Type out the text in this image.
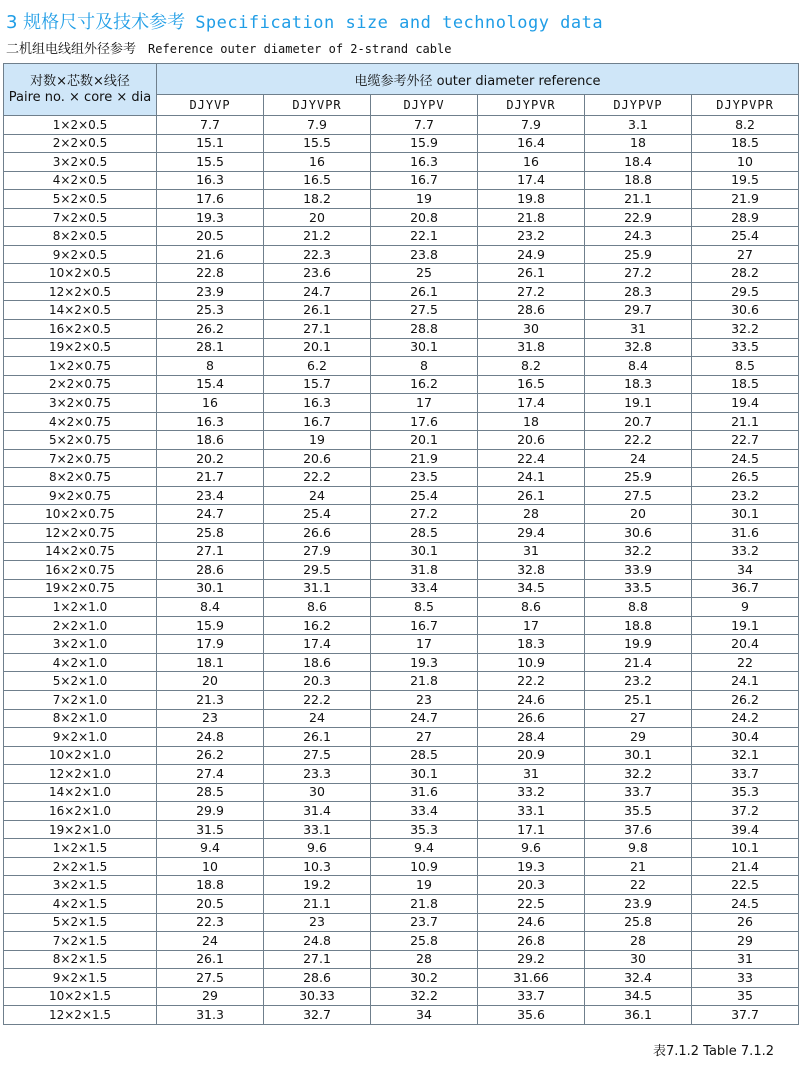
3 规格尺寸及技术参考 Specification size and technology data
二机组电线组外径参考 Reference outer diameter of 2-strand cable
对数×芯数×线径
Paire no. × core × dia	电缆参考外径 outer diameter reference					
	DJYVP	DJYVPR	DJYPV	DJYPVR	DJYPVP	DJYPVPR
1×2×0.5	7.7	7.9	7.7	7.9	3.1	8.2
2×2×0.5	15.1	15.5	15.9	16.4	18	18.5
3×2×0.5	15.5	16	16.3	16	18.4	10
4×2×0.5	16.3	16.5	16.7	17.4	18.8	19.5
5×2×0.5	17.6	18.2	19	19.8	21.1	21.9
7×2×0.5	19.3	20	20.8	21.8	22.9	28.9
8×2×0.5	20.5	21.2	22.1	23.2	24.3	25.4
9×2×0.5	21.6	22.3	23.8	24.9	25.9	27
10×2×0.5	22.8	23.6	25	26.1	27.2	28.2
12×2×0.5	23.9	24.7	26.1	27.2	28.3	29.5
14×2×0.5	25.3	26.1	27.5	28.6	29.7	30.6
16×2×0.5	26.2	27.1	28.8	30	31	32.2
19×2×0.5	28.1	20.1	30.1	31.8	32.8	33.5
1×2×0.75	8	6.2	8	8.2	8.4	8.5
2×2×0.75	15.4	15.7	16.2	16.5	18.3	18.5
3×2×0.75	16	16.3	17	17.4	19.1	19.4
4×2×0.75	16.3	16.7	17.6	18	20.7	21.1
5×2×0.75	18.6	19	20.1	20.6	22.2	22.7
7×2×0.75	20.2	20.6	21.9	22.4	24	24.5
8×2×0.75	21.7	22.2	23.5	24.1	25.9	26.5
9×2×0.75	23.4	24	25.4	26.1	27.5	23.2
10×2×0.75	24.7	25.4	27.2	28	20	30.1
12×2×0.75	25.8	26.6	28.5	29.4	30.6	31.6
14×2×0.75	27.1	27.9	30.1	31	32.2	33.2
16×2×0.75	28.6	29.5	31.8	32.8	33.9	34
19×2×0.75	30.1	31.1	33.4	34.5	33.5	36.7
1×2×1.0	8.4	8.6	8.5	8.6	8.8	9
2×2×1.0	15.9	16.2	16.7	17	18.8	19.1
3×2×1.0	17.9	17.4	17	18.3	19.9	20.4
4×2×1.0	18.1	18.6	19.3	10.9	21.4	22
5×2×1.0	20	20.3	21.8	22.2	23.2	24.1
7×2×1.0	21.3	22.2	23	24.6	25.1	26.2
8×2×1.0	23	24	24.7	26.6	27	24.2
9×2×1.0	24.8	26.1	27	28.4	29	30.4
10×2×1.0	26.2	27.5	28.5	20.9	30.1	32.1
12×2×1.0	27.4	23.3	30.1	31	32.2	33.7
14×2×1.0	28.5	30	31.6	33.2	33.7	35.3
16×2×1.0	29.9	31.4	33.4	33.1	35.5	37.2
19×2×1.0	31.5	33.1	35.3	17.1	37.6	39.4
1×2×1.5	9.4	9.6	9.4	9.6	9.8	10.1
2×2×1.5	10	10.3	10.9	19.3	21	21.4
3×2×1.5	18.8	19.2	19	20.3	22	22.5
4×2×1.5	20.5	21.1	21.8	22.5	23.9	24.5
5×2×1.5	22.3	23	23.7	24.6	25.8	26
7×2×1.5	24	24.8	25.8	26.8	28	29
8×2×1.5	26.1	27.1	28	29.2	30	31
9×2×1.5	27.5	28.6	30.2	31.66	32.4	33
10×2×1.5	29	30.33	32.2	33.7	34.5	35
12×2×1.5	31.3	32.7	34	35.6	36.1	37.7
表7.1.2 Table 7.1.2
